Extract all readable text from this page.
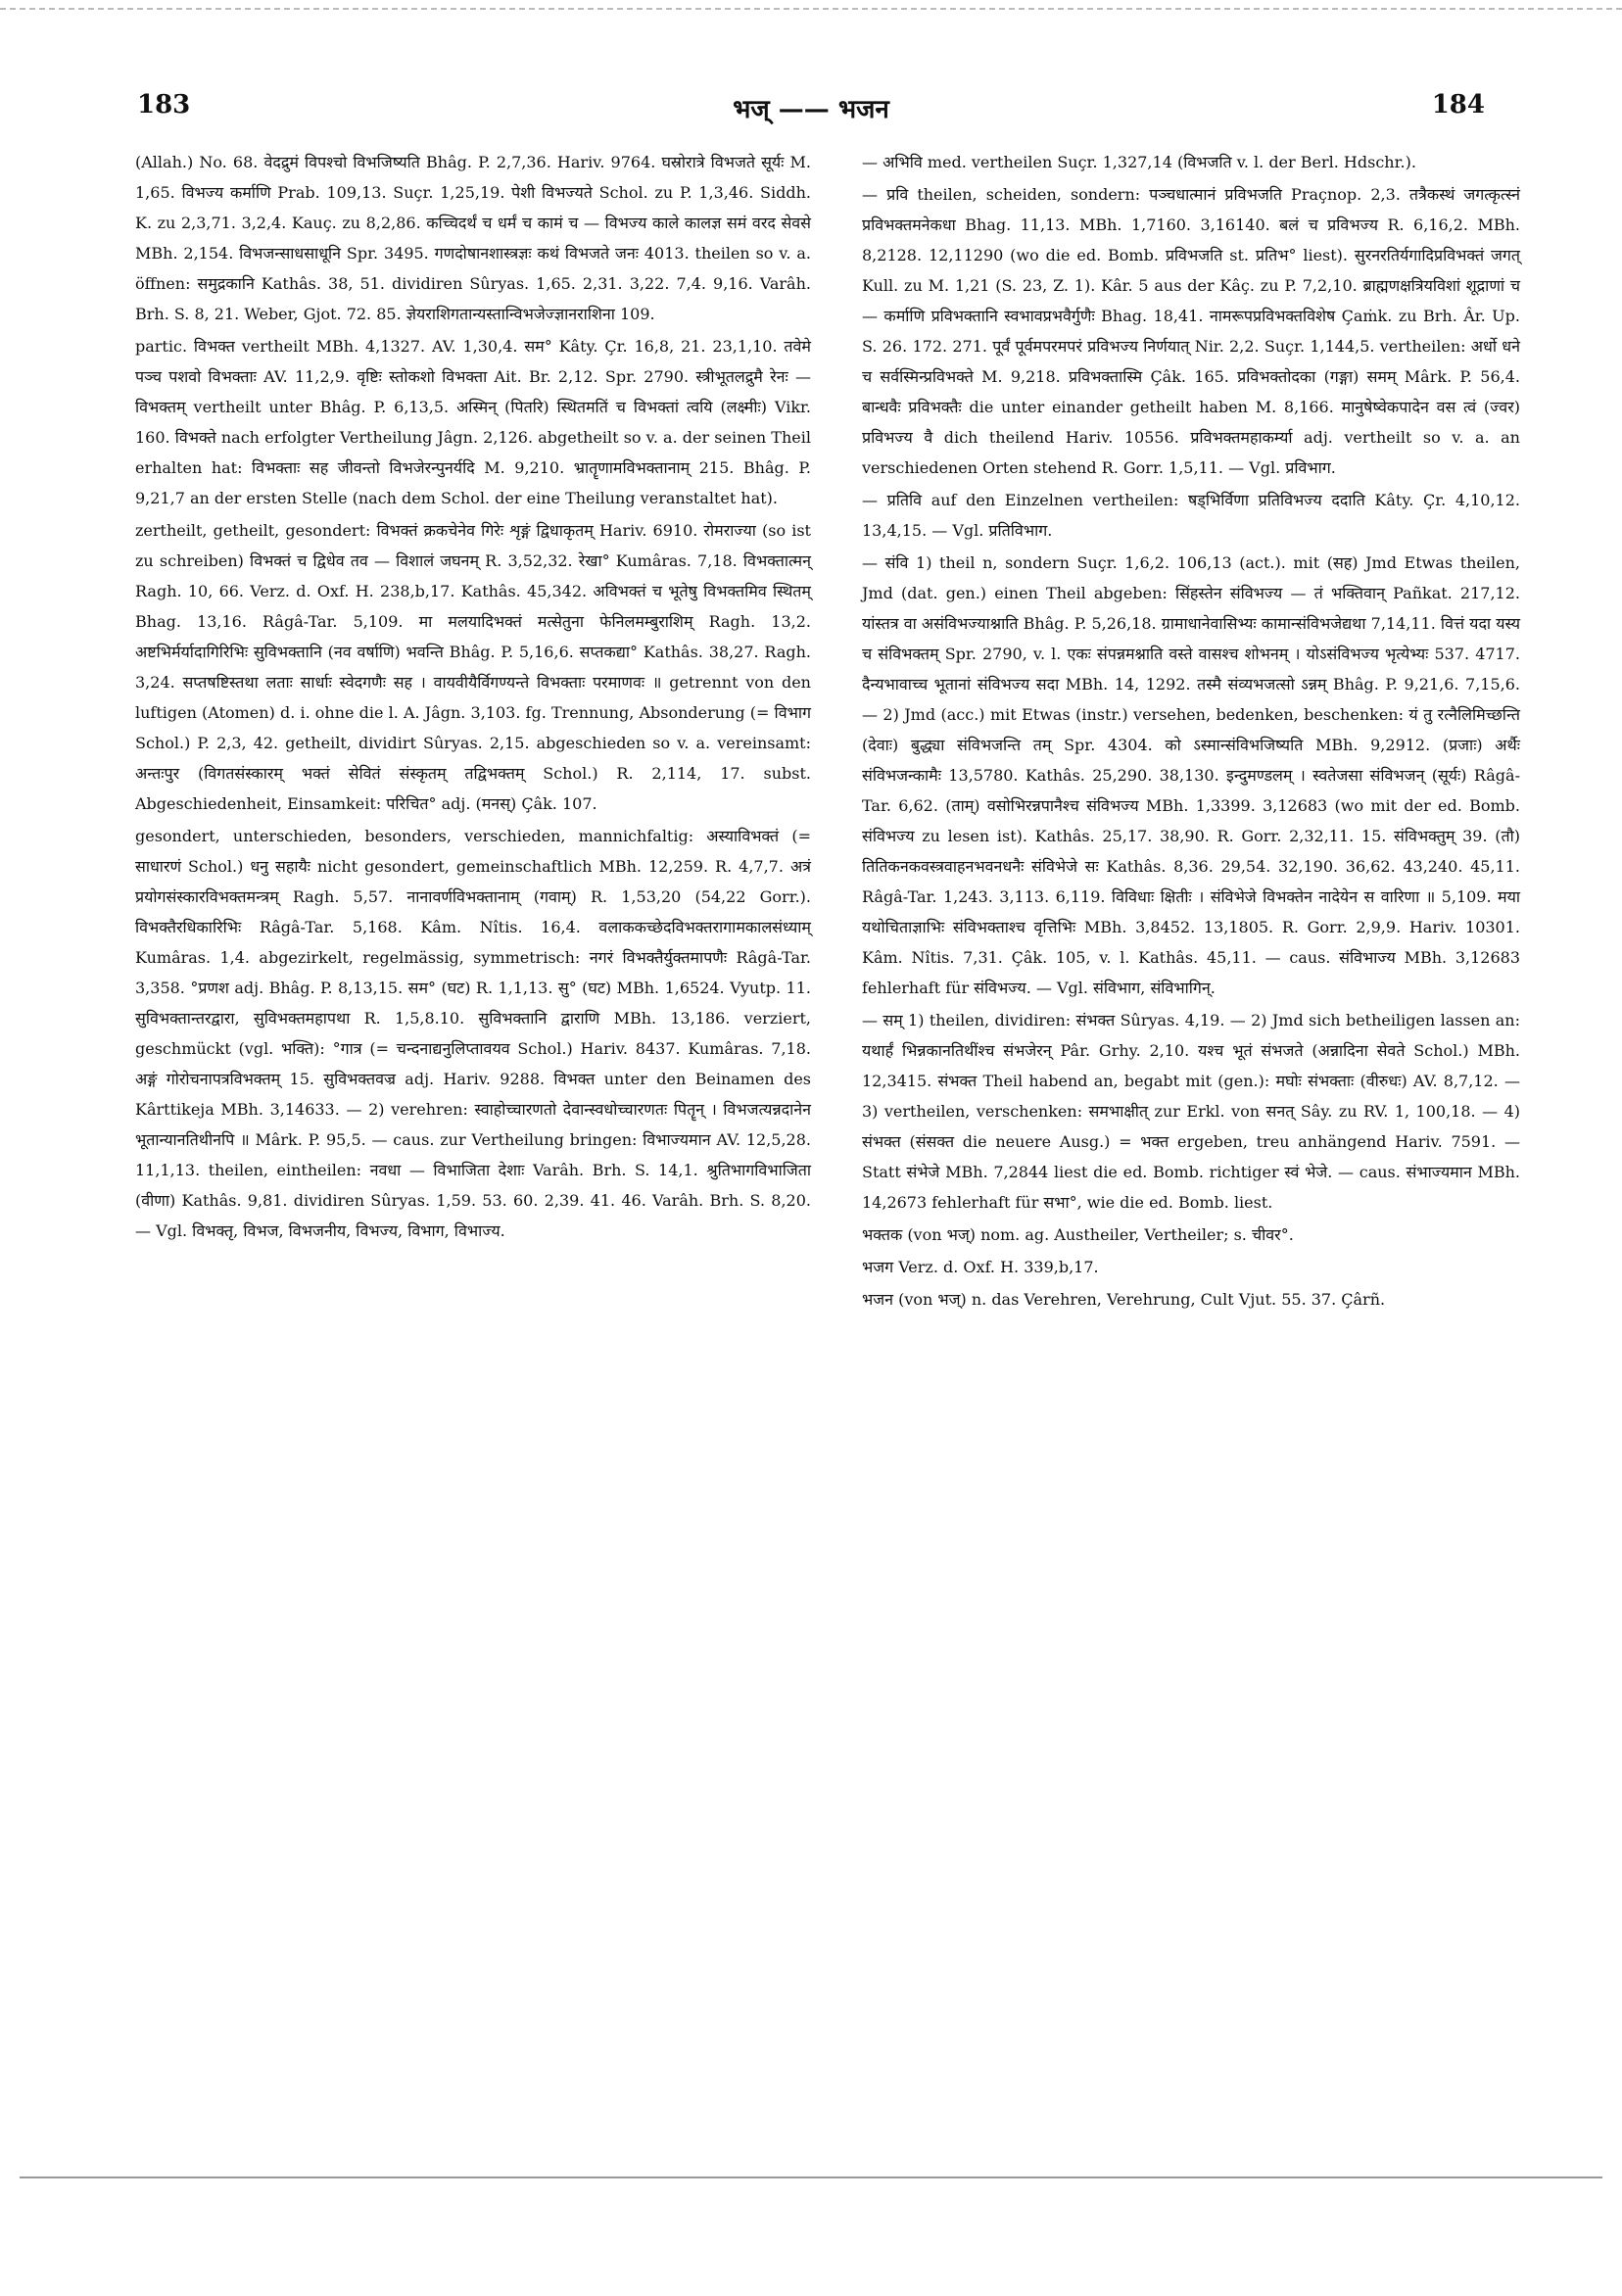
183	भज् —— भजन	184

(Allah.) No. 68. वेदद्रुमं विपश्चो विभजिष्यति Bhâg. P. 2,7,36. Hariv. 9764. घस्रोरात्रे विभजते सूर्यः M. 1,65. विभज्य कर्माणि Prab. 109,13. Suçr. 1,25,19. पेशी विभज्यते Schol. zu P. 1,3,46. Siddh. K. zu 2,3,71. 3,2,4. Kauç. zu 8,2,86. कच्चिदर्थं च धर्मं च कामं च — विभज्य काले कालज्ञ समं वरद सेवसे MBh. 2,154. विभजन्साधसाधूनि Spr. 3495. गणदोषानशास्त्रज्ञः कथं विभजते जनः 4013. theilen so v. a. öffnen: समुद्रकानि Kathâs. 38, 51. dividiren Sûryas. 1,65. 2,31. 3,22. 7,4. 9,16. Varâh. Brh. S. 8, 21. Weber, Gjot. 72. 85. ज्ञेयराशिगतान्यस्तान्विभजेज्ज्ञानराशिना 109.

partic. विभक्त vertheilt MBh. 4,1327. AV. 1,30,4. सम° Kâty. Çr. 16,8, 21. 23,1,10. तवेमे पञ्च पशवो विभक्ताः AV. 11,2,9. वृष्टिः स्तोकशो विभक्ता Ait. Br. 2,12. Spr. 2790. स्त्रीभूतलद्रुमै रेनः — विभक्तम् vertheilt unter Bhâg. P. 6,13,5. अस्मिन् (पितरि) स्थितमतिं च विभक्तां त्वयि (लक्ष्मीः) Vikr. 160. विभक्ते nach erfolgter Vertheilung Jâgn. 2,126. abgetheilt so v. a. der seinen Theil erhalten hat: विभक्ताः सह जीवन्तो विभजेरन्पुनर्यदि M. 9,210. भ्रातॄणामविभक्तानाम् 215. Bhâg. P. 9,21,7 an der ersten Stelle (nach dem Schol. der eine Theilung veranstaltet hat).

zertheilt, getheilt, gesondert: विभक्तं क्रकचेनेव गिरेः शृङ्गं द्विधाकृतम् Hariv. 6910. रोमराज्या (so ist zu schreiben) विभक्तं च द्विधेव तव — विशालं जघनम् R. 3,52,32. रेखा° Kumâras. 7,18. विभक्तात्मन् Ragh. 10, 66. Verz. d. Oxf. H. 238,b,17. Kathâs. 45,342. अविभक्तं च भूतेषु विभक्तमिव स्थितम् Bhag. 13,16. Râgâ-Tar. 5,109. मा मलयादिभक्तं मत्सेतुना फेनिलमम्बुराशिम् Ragh. 13,2. अष्टभिर्मर्यादागिरिभिः सुविभक्तानि (नव वर्षाणि) भवन्ति Bhâg. P. 5,16,6. सप्तकद्या° Kathâs. 38,27. Ragh. 3,24. सप्तषष्टिस्तथा लताः सार्धाः स्वेदगणैः सह । वायवीयैर्विगण्यन्ते विभक्ताः परमाणवः ॥ getrennt von den luftigen (Atomen) d. i. ohne die l. A. Jâgn. 3,103. fg. Trennung, Absonderung (= विभाग Schol.) P. 2,3, 42. getheilt, dividirt Sûryas. 2,15. abgeschieden so v. a. vereinsamt: अन्तःपुर (विगतसंस्कारम् भक्तं सेवितं संस्कृतम् तद्विभक्तम् Schol.) R. 2,114, 17. subst. Abgeschiedenheit, Einsamkeit: परिचित° adj. (मनस्) Çâk. 107.

gesondert, unterschieden, besonders, verschieden, mannichfaltig: अस्याविभक्तं (= साधारणं Schol.) धनु सहायैः nicht gesondert, gemeinschaftlich MBh. 12,259. R. 4,7,7. अत्रं प्रयोगसंस्कारविभक्तमन्त्रम् Ragh. 5,57. नानावर्णविभक्तानाम् (गवाम्) R. 1,53,20 (54,22 Gorr.). विभक्तैरधिकारिभिः Râgâ-Tar. 5,168. Kâm. Nîtis. 16,4. वलाककच्छेदविभक्तरागामकालसंध्याम् Kumâras. 1,4. abgezirkelt, regelmässig, symmetrisch: नगरं विभक्तैर्युक्तमापणैः Râgâ-Tar. 3,358. °प्रणश adj. Bhâg. P. 8,13,15. सम° (घट) R. 1,1,13. सु° (घट) MBh. 1,6524. Vyutp. 11. सुविभक्तान्तरद्वारा, सुविभक्तमहापथा R. 1,5,8.10. सुविभक्तानि द्वाराणि MBh. 13,186. verziert, geschmückt (vgl. भक्ति): °गात्र (= चन्दनाद्यनुलिप्तावयव Schol.) Hariv. 8437. Kumâras. 7,18. अङ्गं गोरोचनापत्रविभक्तम् 15. सुविभक्तवज्र adj. Hariv. 9288. विभक्त unter den Beinamen des Kârttikeja MBh. 3,14633. — 2) verehren: स्वाहोच्चारणतो देवान्स्वधोच्चारणतः पितॄन् । विभजत्यन्नदानेन भूतान्यानतिथीनपि ॥ Mârk. P. 95,5. — caus. zur Vertheilung bringen: विभाज्यमान AV. 12,5,28. 11,1,13. theilen, eintheilen: नवधा — विभाजिता देशाः Varâh. Brh. S. 14,1. श्रुतिभागविभाजिता (वीणा) Kathâs. 9,81. dividiren Sûryas. 1,59. 53. 60. 2,39. 41. 46. Varâh. Brh. S. 8,20. — Vgl. विभक्तृ, विभज, विभजनीय, विभज्य, विभाग, विभाज्य.

— अभिवि med. vertheilen Suçr. 1,327,14 (विभजति v. l. der Berl. Hdschr.).

— प्रवि theilen, scheiden, sondern: पञ्चधात्मानं प्रविभजति Praçnop. 2,3. तत्रैकस्थं जगत्कृत्स्नं प्रविभक्तमनेकधा Bhag. 11,13. MBh. 1,7160. 3,16140. बलं च प्रविभज्य R. 6,16,2. MBh. 8,2128. 12,11290 (wo die ed. Bomb. प्रविभजति st. प्रतिभ° liest). सुरनरतिर्यगादिप्रविभक्तं जगत् Kull. zu M. 1,21 (S. 23, Z. 1). Kâr. 5 aus der Kâç. zu P. 7,2,10. ब्राह्मणक्षत्रियविशां शूद्राणां च — कर्माणि प्रविभक्तानि स्वभावप्रभवैर्गुणैः Bhag. 18,41. नामरूपप्रविभक्तविशेष Çaṁk. zu Brh. Âr. Up. S. 26. 172. 271. पूर्वं पूर्वमपरमपरं प्रविभज्य निर्णयात् Nir. 2,2. Suçr. 1,144,5. vertheilen: अर्धो धने च सर्वस्मिन्प्रविभक्ते M. 9,218. प्रविभक्तास्मि Çâk. 165. प्रविभक्तोदका (गङ्गा) समम् Mârk. P. 56,4. बान्धवैः प्रविभक्तैः die unter einander getheilt haben M. 8,166. मानुषेष्वेकपादेन वस त्वं (ज्वर) प्रविभज्य वै dich theilend Hariv. 10556. प्रविभक्तमहाकर्म्या adj. vertheilt so v. a. an verschiedenen Orten stehend R. Gorr. 1,5,11. — Vgl. प्रविभाग.

— प्रतिवि auf den Einzelnen vertheilen: षड्भिर्विणा प्रतिविभज्य ददाति Kâty. Çr. 4,10,12. 13,4,15. — Vgl. प्रतिविभाग.

— संवि 1) theil n, sondern Suçr. 1,6,2. 106,13 (act.). mit (सह) Jmd Etwas theilen, Jmd (dat. gen.) einen Theil abgeben: सिंहस्तेन संविभज्य — तं भक्तिवान् Pañkat. 217,12. यांस्तत्र वा असंविभज्याश्नाति Bhâg. P. 5,26,18. ग्रामाधानेवासिभ्यः कामान्संविभजेद्यथा 7,14,11. वित्तं यदा यस्य च संविभक्तम् Spr. 2790, v. l. एकः संपन्नमश्नाति वस्ते वासश्च शोभनम् । योऽसंविभज्य भृत्येभ्यः 537. 4717. दैन्यभावाच्च भूतानां संविभज्य सदा MBh. 14, 1292. तस्मै संव्यभजत्सो ऽन्नम् Bhâg. P. 9,21,6. 7,15,6. — 2) Jmd (acc.) mit Etwas (instr.) versehen, bedenken, beschenken: यं तु रत्नैलिमिच्छन्ति (देवाः) बुद्ध्या संविभजन्ति तम् Spr. 4304. को ऽस्मान्संविभजिष्यति MBh. 9,2912. (प्रजाः) अर्थैः संविभजन्कामैः 13,5780. Kathâs. 25,290. 38,130. इन्दुमण्डलम् । स्वतेजसा संविभजन् (सूर्यः) Râgâ-Tar. 6,62. (ताम्) वसोभिरन्नपानैश्च संविभज्य MBh. 1,3399. 3,12683 (wo mit der ed. Bomb. संविभज्य zu lesen ist). Kathâs. 25,17. 38,90. R. Gorr. 2,32,11. 15. संविभक्तुम् 39. (तौ) तितिकनकवस्त्रवाहनभवनधनैः संविभेजे सः Kathâs. 8,36. 29,54. 32,190. 36,62. 43,240. 45,11. Râgâ-Tar. 1,243. 3,113. 6,119. विविधाः क्षितीः । संविभेजे विभक्तेन नादेयेन स वारिणा ॥ 5,109. मया यथोचिताज्ञाभिः संविभक्ताश्च वृत्तिभिः MBh. 3,8452. 13,1805. R. Gorr. 2,9,9. Hariv. 10301. Kâm. Nîtis. 7,31. Çâk. 105, v. l. Kathâs. 45,11. — caus. संविभाज्य MBh. 3,12683 fehlerhaft für संविभज्य. — Vgl. संविभाग, संविभागिन्.

— सम् 1) theilen, dividiren: संभक्त Sûryas. 4,19. — 2) Jmd sich betheiligen lassen an: यथार्हं भिन्नकानतिथींश्च संभजेरन् Pâr. Grhy. 2,10. यश्च भूतं संभजते (अन्नादिना सेवते Schol.) MBh. 12,3415. संभक्त Theil habend an, begabt mit (gen.): मघोः संभक्ताः (वीरुधः) AV. 8,7,12. — 3) vertheilen, verschenken: समभाक्षीत् zur Erkl. von सनत् Sây. zu RV. 1, 100,18. — 4) संभक्त (संसक्त die neuere Ausg.) = भक्त ergeben, treu anhängend Hariv. 7591. — Statt संभेजे MBh. 7,2844 liest die ed. Bomb. richtiger स्वं भेजे. — caus. संभाज्यमान MBh. 14,2673 fehlerhaft für सभा°, wie die ed. Bomb. liest.

भक्तक (von भज्) nom. ag. Austheiler, Vertheiler; s. चीवर°.

भजग Verz. d. Oxf. H. 339,b,17.

भजन (von भज्) n. das Verehren, Verehrung, Cult Vjut. 55. 37. Çârñ.
